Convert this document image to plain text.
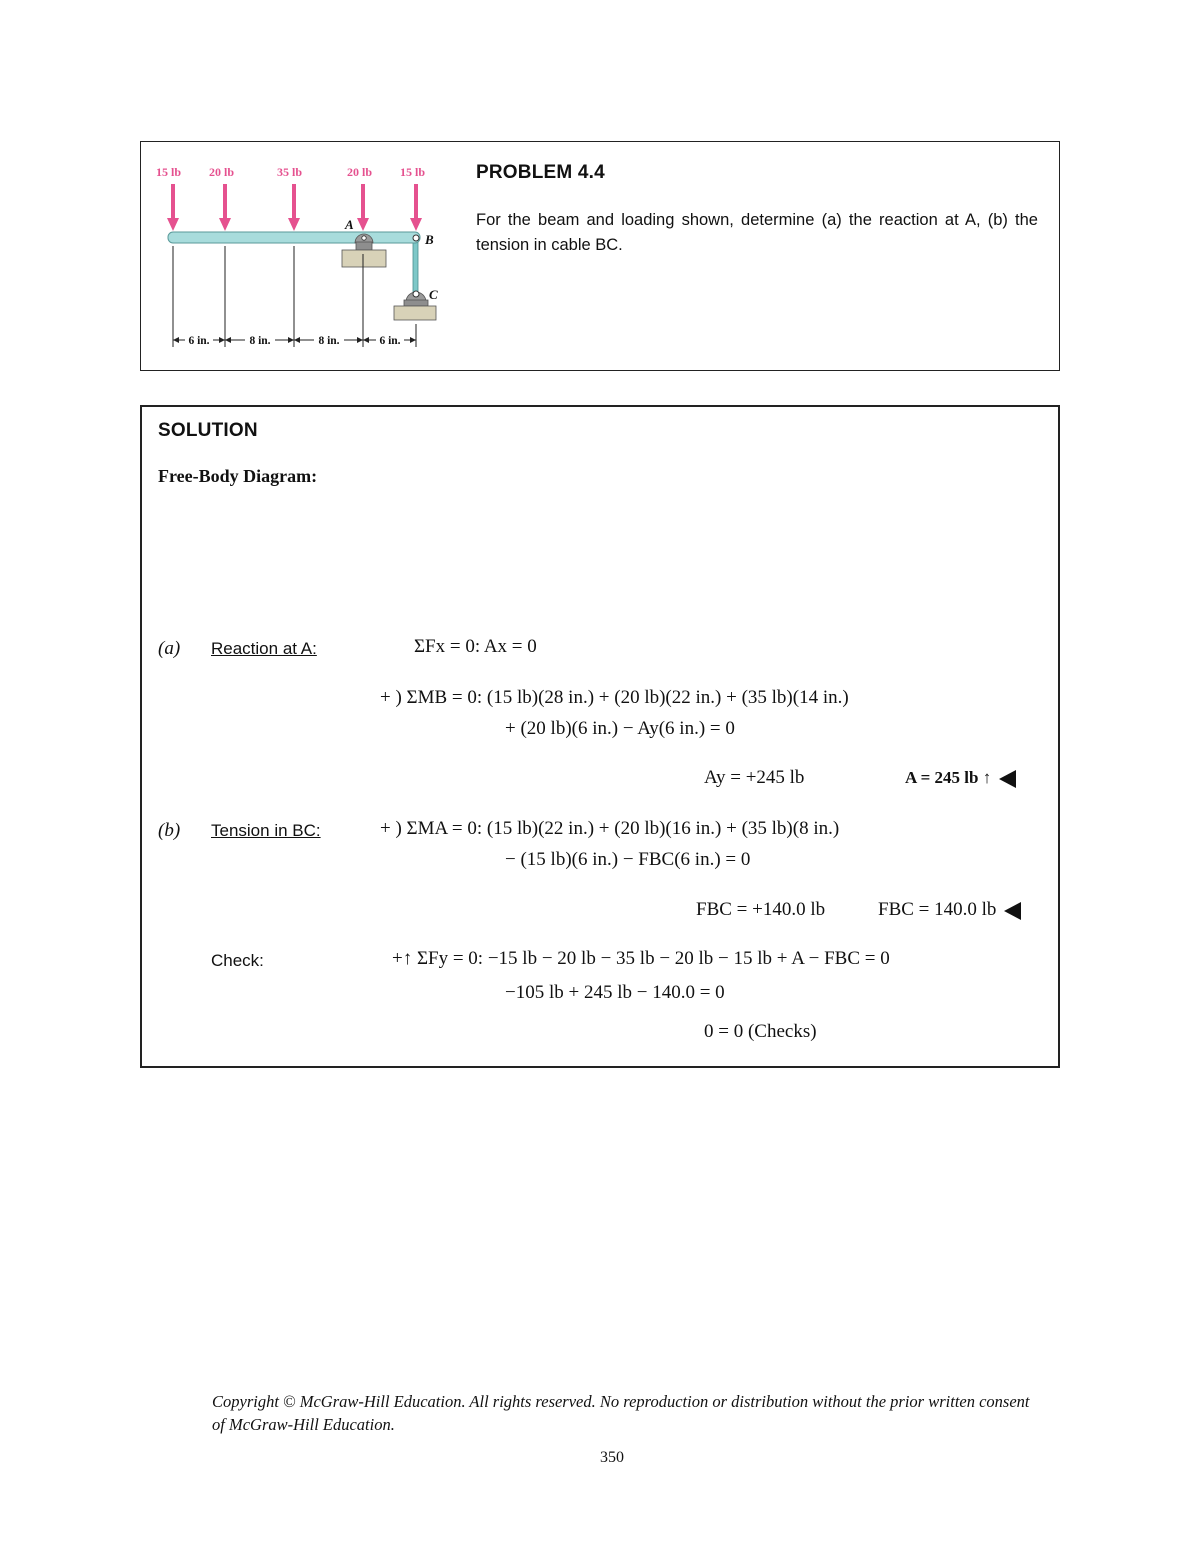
15 lb 20 lb	35 lb	20 lb 15 lb
A
B
C
6 in.	8 in.	8 in.	6 in.
PROBLEM 4.4
For the beam and loading shown, determine (a) the reaction at A, (b) the tension in cable BC.
SOLUTION
Free-Body Diagram:
(a) Reaction at A:	ΣFx = 0: Ax = 0
+ ) ΣMB = 0: (15 lb)(28 in.) + (20 lb)(22 in.) + (35 lb)(14 in.)
+ (20 lb)(6 in.) − Ay(6 in.) = 0
Ay = +245 lb	A = 245 lb ↑
(b) Tension in BC:	+ ) ΣMA = 0: (15 lb)(22 in.) + (20 lb)(16 in.) + (35 lb)(8 in.)
− (15 lb)(6 in.) − FBC(6 in.) = 0
FBC = +140.0 lb	FBC = 140.0 lb
Check:	+↑ ΣFy = 0: −15 lb − 20 lb − 35 lb − 20 lb − 15 lb + A − FBC = 0
−105 lb + 245 lb − 140.0 = 0
0 = 0 (Checks)
Copyright © McGraw-Hill Education. All rights reserved. No reproduction or distribution without the prior written consent of McGraw-Hill Education.
350
